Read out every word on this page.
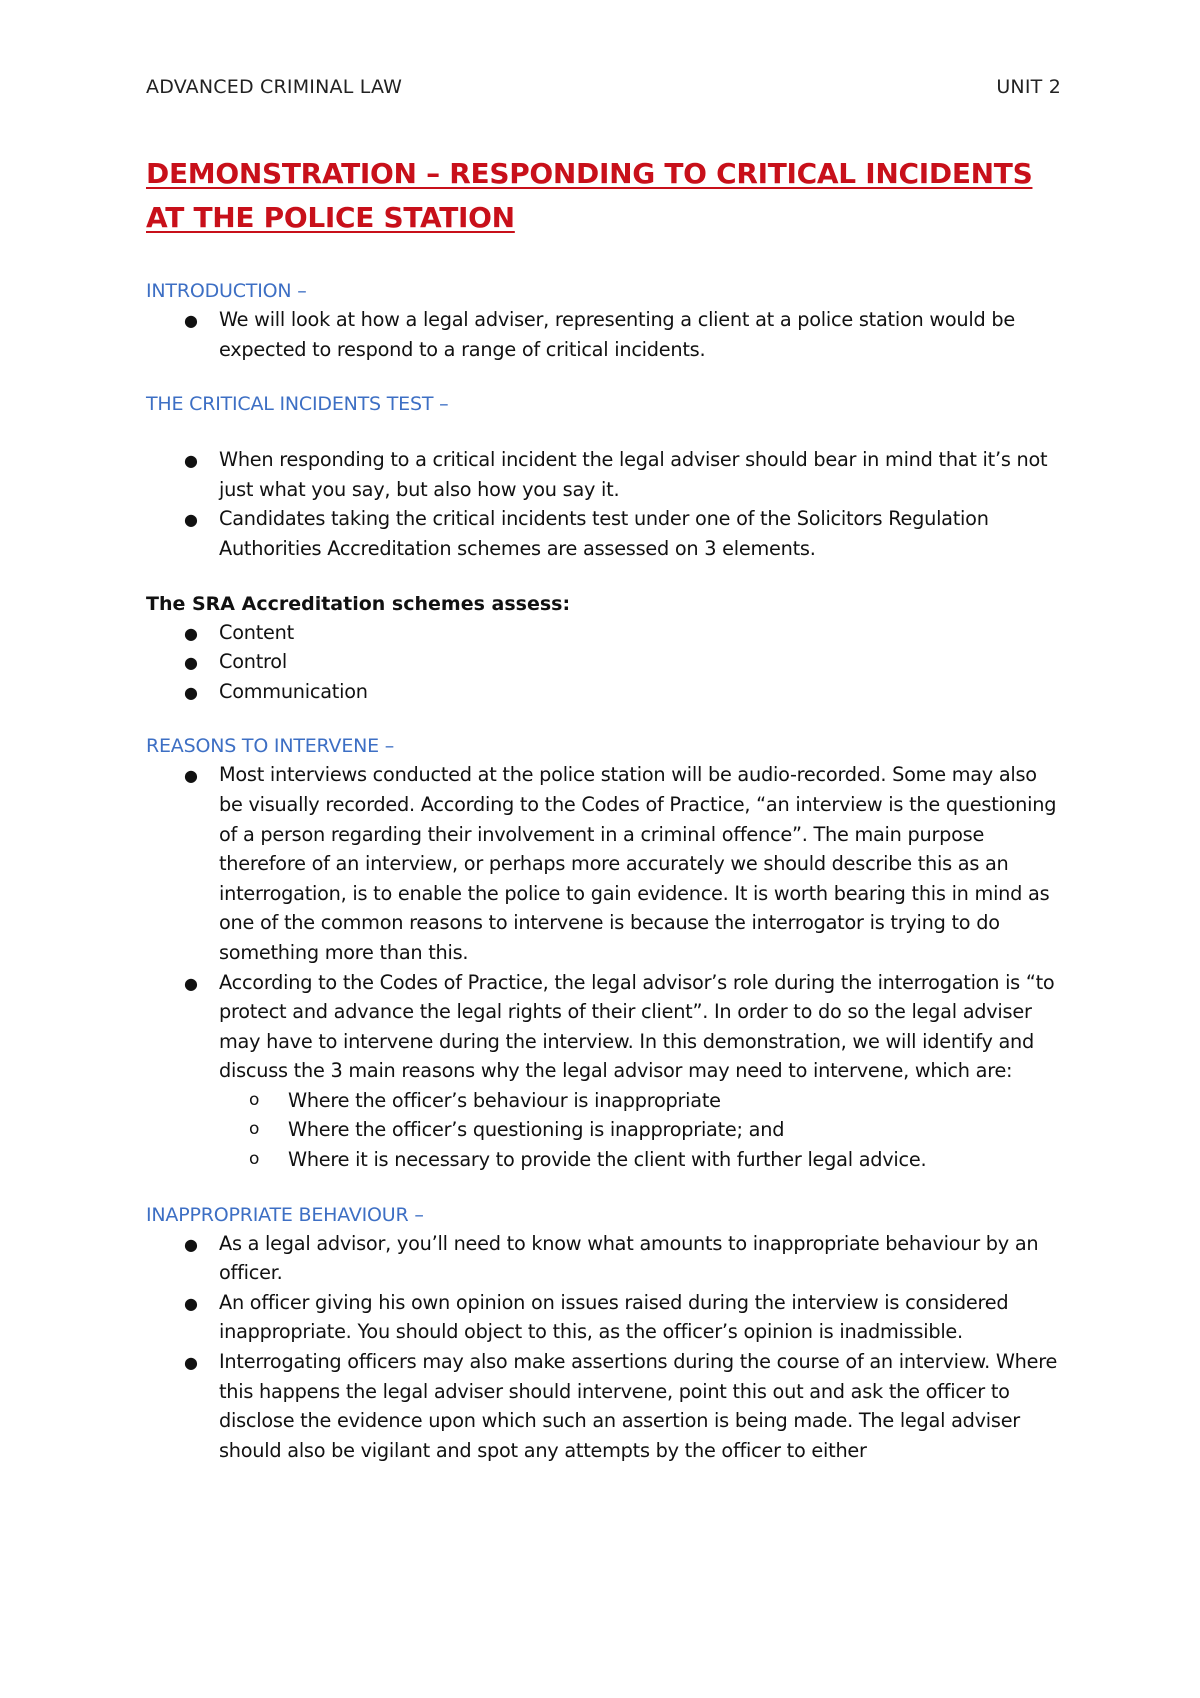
ADVANCED CRIMINAL LAW	UNIT 2
DEMONSTRATION – RESPONDING TO CRITICAL INCIDENTS
AT THE POLICE STATION
INTRODUCTION –
● We will look at how a legal adviser, representing a client at a police station would be expected to respond to a range of critical incidents.
THE CRITICAL INCIDENTS TEST –
● When responding to a critical incident the legal adviser should bear in mind that it’s not just what you say, but also how you say it.
● Candidates taking the critical incidents test under one of the Solicitors Regulation Authorities Accreditation schemes are assessed on 3 elements.
The SRA Accreditation schemes assess:
● Content
● Control
● Communication
REASONS TO INTERVENE –
● Most interviews conducted at the police station will be audio-recorded. Some may also be visually recorded. According to the Codes of Practice, “an interview is the questioning of a person regarding their involvement in a criminal offence”. The main purpose therefore of an interview, or perhaps more accurately we should describe this as an interrogation, is to enable the police to gain evidence. It is worth bearing this in mind as one of the common reasons to intervene is because the interrogator is trying to do something more than this.
● According to the Codes of Practice, the legal advisor’s role during the interrogation is “to protect and advance the legal rights of their client”. In order to do so the legal adviser may have to intervene during the interview. In this demonstration, we will identify and discuss the 3 main reasons why the legal advisor may need to intervene, which are:
o Where the officer’s behaviour is inappropriate
o Where the officer’s questioning is inappropriate; and
o Where it is necessary to provide the client with further legal advice.
INAPPROPRIATE BEHAVIOUR –
● As a legal advisor, you’ll need to know what amounts to inappropriate behaviour by an officer.
● An officer giving his own opinion on issues raised during the interview is considered inappropriate. You should object to this, as the officer’s opinion is inadmissible.
● Interrogating officers may also make assertions during the course of an interview. Where this happens the legal adviser should intervene, point this out and ask the officer to disclose the evidence upon which such an assertion is being made. The legal adviser should also be vigilant and spot any attempts by the officer to either
